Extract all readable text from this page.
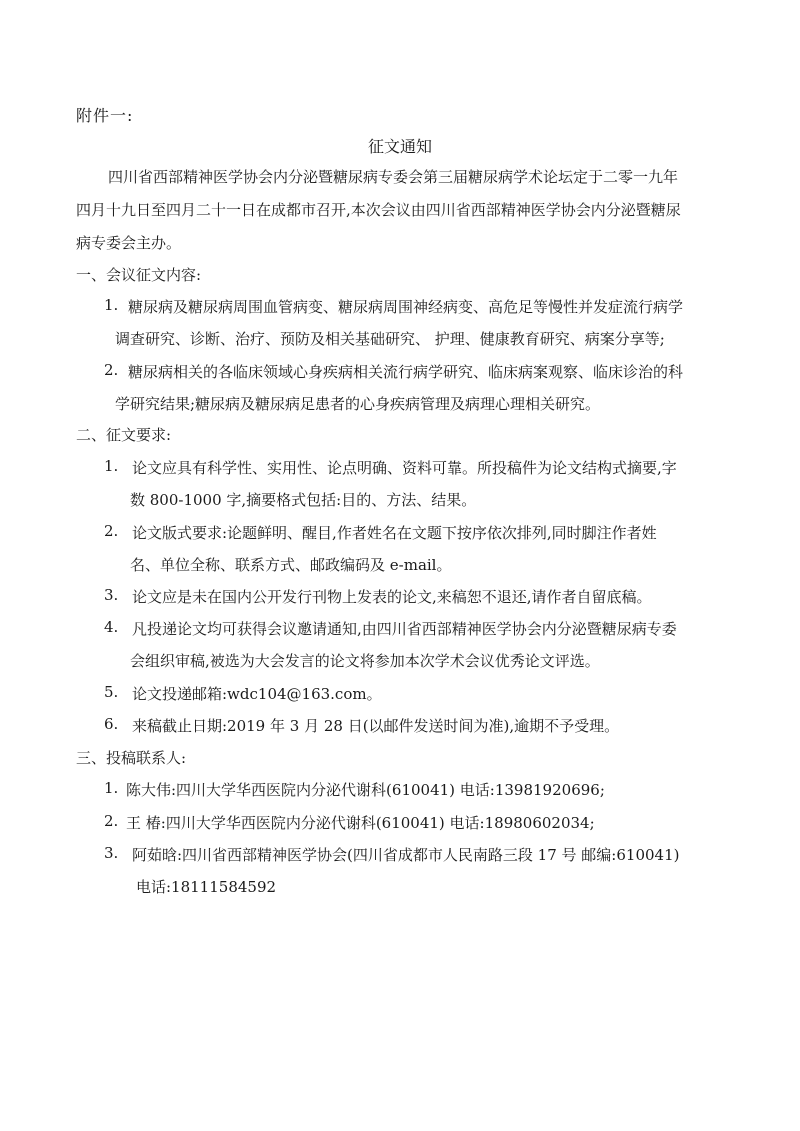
附件一:
征文通知
四川省西部精神医学协会内分泌暨糖尿病专委会第三届糖尿病学术论坛定于二零一九年
四月十九日至四月二十一日在成都市召开,本次会议由四川省西部精神医学协会内分泌暨糖尿
病专委会主办。
一、会议征文内容:
1. 糖尿病及糖尿病周围血管病变、糖尿病周围神经病变、高危足等慢性并发症流行病学
调查研究、诊断、治疗、预防及相关基础研究、 护理、健康教育研究、病案分享等;
2. 糖尿病相关的各临床领域心身疾病相关流行病学研究、临床病案观察、临床诊治的科
学研究结果;糖尿病及糖尿病足患者的心身疾病管理及病理心理相关研究。
二、征文要求:
1. 论文应具有科学性、实用性、论点明确、资料可靠。所投稿件为论文结构式摘要,字
数 800-1000 字,摘要格式包括:目的、方法、结果。
2. 论文版式要求:论题鲜明、醒目,作者姓名在文题下按序依次排列,同时脚注作者姓
名、单位全称、联系方式、邮政编码及 e-mail。
3. 论文应是未在国内公开发行刊物上发表的论文,来稿恕不退还,请作者自留底稿。
4. 凡投递论文均可获得会议邀请通知,由四川省西部精神医学协会内分泌暨糖尿病专委
会组织审稿,被选为大会发言的论文将参加本次学术会议优秀论文评选。
5. 论文投递邮箱:wdc104@163.com。
6. 来稿截止日期:2019 年 3 月 28 日(以邮件发送时间为准),逾期不予受理。
三、投稿联系人:
1. 陈大伟:四川大学华西医院内分泌代谢科(610041) 电话:13981920696;
2. 王 椿:四川大学华西医院内分泌代谢科(610041) 电话:18980602034;
3. 阿茹晗:四川省西部精神医学协会(四川省成都市人民南路三段 17 号 邮编:610041)
电话:18111584592
